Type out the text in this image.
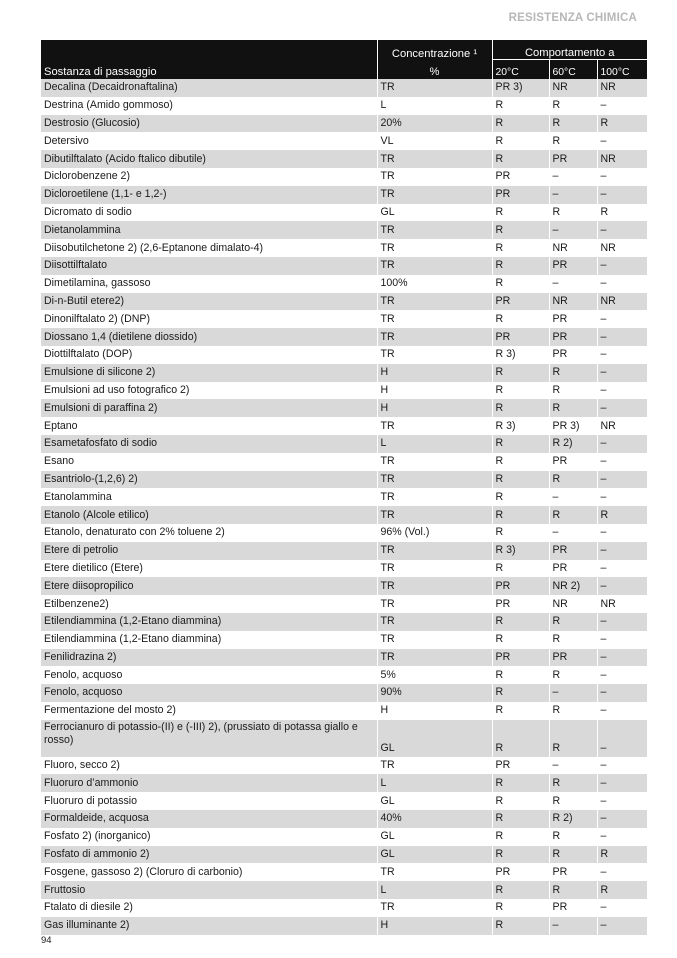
RESISTENZA CHIMICA
	Concentrazione ¹	Comportamento a		
Sostanza di passaggio	%	20°C	60°C	100°C
Decalina (Decaidronaftalina)	TR	PR 3)	NR	NR
Destrina (Amido gommoso)	L	R	R	–
Destrosio (Glucosio)	20%	R	R	R
Detersivo	VL	R	R	–
Dibutilftalato (Acido ftalico dibutile)	TR	R	PR	NR
Diclorobenzene 2)	TR	PR	–	–
Dicloroetilene (1,1- e 1,2-)	TR	PR	–	–
Dicromato di sodio	GL	R	R	R
Dietanolammina	TR	R	–	–
Diisobutilchetone 2) (2,6-Eptanone dimalato-4)	TR	R	NR	NR
Diisottilftalato	TR	R	PR	–
Dimetilamina, gassoso	100%	R	–	–
Di-n-Butil etere2)	TR	PR	NR	NR
Dinonilftalato 2) (DNP)	TR	R	PR	–
Diossano 1,4 (dietilene diossido)	TR	PR	PR	–
Diottilftalato (DOP)	TR	R 3)	PR	–
Emulsione di silicone 2)	H	R	R	–
Emulsioni ad uso fotografico 2)	H	R	R	–
Emulsioni di paraffina 2)	H	R	R	–
Eptano	TR	R 3)	PR 3)	NR
Esametafosfato di sodio	L	R	R 2)	–
Esano	TR	R	PR	–
Esantriolo-(1,2,6) 2)	TR	R	R	–
Etanolammina	TR	R	–	–
Etanolo (Alcole etilico)	TR	R	R	R
Etanolo, denaturato con 2% toluene 2)	96% (Vol.)	R	–	–
Etere di petrolio	TR	R 3)	PR	–
Etere dietilico (Etere)	TR	R	PR	–
Etere diisopropilico	TR	PR	NR 2)	–
Etilbenzene2)	TR	PR	NR	NR
Etilendiammina (1,2-Etano diammina)	TR	R	R	–
Etilendiammina (1,2-Etano diammina)	TR	R	R	–
Fenilidrazina 2)	TR	PR	PR	–
Fenolo, acquoso	5%	R	R	–
Fenolo, acquoso	90%	R	–	–
Fermentazione del mosto 2)	H	R	R	–
Ferrocianuro di potassio-(II) e (-III) 2), (prussiato di potassa giallo e rosso)	GL	R	R	–
Fluoro, secco 2)	TR	PR	–	–
Fluoruro d’ammonio	L	R	R	–
Fluoruro di potassio	GL	R	R	–
Formaldeide, acquosa	40%	R	R 2)	–
Fosfato 2) (inorganico)	GL	R	R	–
Fosfato di ammonio 2)	GL	R	R	R
Fosgene, gassoso 2) (Cloruro di carbonio)	TR	PR	PR	–
Fruttosio	L	R	R	R
Ftalato di diesile 2)	TR	R	PR	–
Gas illuminante 2)	H	R	–	–
94
